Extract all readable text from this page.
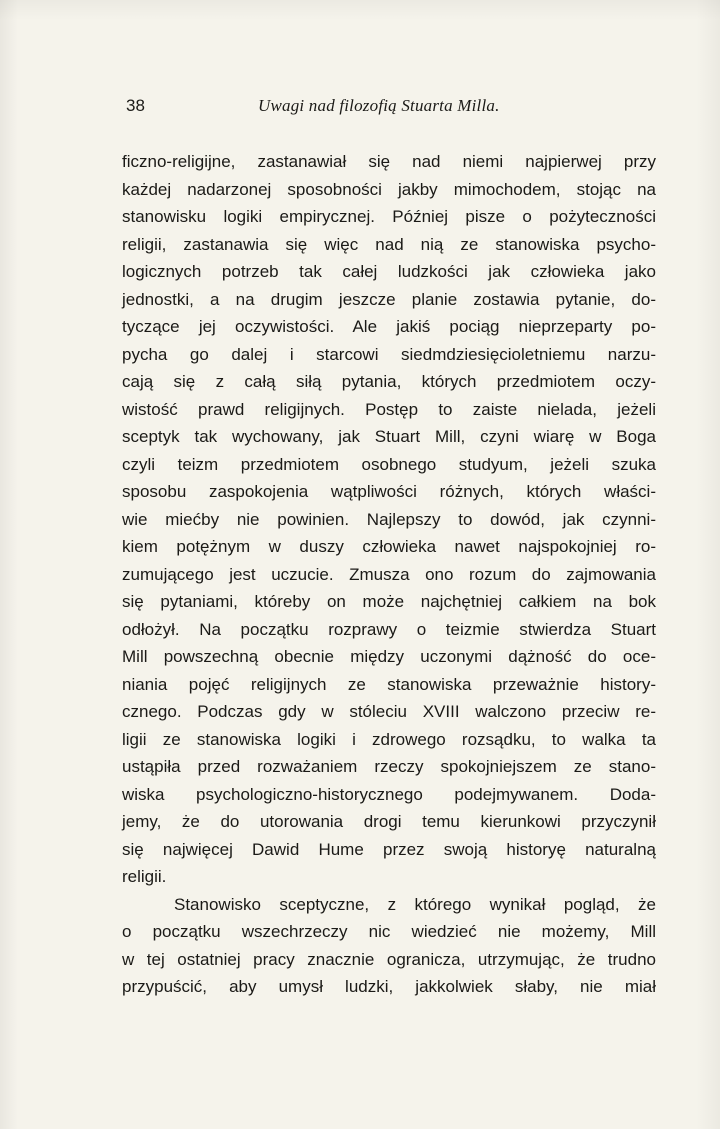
38	Uwagi nad filozofią Stuarta Milla.
ficzno-religijne, zastanawiał się nad niemi najpierwej przy
każdej nadarzonej sposobności jakby mimochodem, stojąc na
stanowisku logiki empirycznej. Później pisze o pożyteczności
religii, zastanawia się więc nad nią ze stanowiska psycho-
logicznych potrzeb tak całej ludzkości jak człowieka jako
jednostki, a na drugim jeszcze planie zostawia pytanie, do-
tyczące jej oczywistości. Ale jakiś pociąg nieprzeparty po-
pycha go dalej i starcowi siedmdziesięcioletniemu narzu-
cają się z całą siłą pytania, których przedmiotem oczy-
wistość prawd religijnych. Postęp to zaiste nielada, jeżeli
sceptyk tak wychowany, jak Stuart Mill, czyni wiarę w Boga
czyli teizm przedmiotem osobnego studyum, jeżeli szuka
sposobu zaspokojenia wątpliwości różnych, których właści-
wie miećby nie powinien. Najlepszy to dowód, jak czynni-
kiem potężnym w duszy człowieka nawet najspokojniej ro-
zumującego jest uczucie. Zmusza ono rozum do zajmowania
się pytaniami, któreby on może najchętniej całkiem na bok
odłożył. Na początku rozprawy o teizmie stwierdza Stuart
Mill powszechną obecnie między uczonymi dążność do oce-
niania pojęć religijnych ze stanowiska przeważnie history-
cznego. Podczas gdy w stóleciu XVIII walczono przeciw re-
ligii ze stanowiska logiki i zdrowego rozsądku, to walka ta
ustąpiła przed rozważaniem rzeczy spokojniejszem ze stano-
wiska psychologiczno-historycznego podejmywanem. Doda-
jemy, że do utorowania drogi temu kierunkowi przyczynił
się najwięcej Dawid Hume przez swoją historyę naturalną
religii.
Stanowisko sceptyczne, z którego wynikał pogląd, że
o początku wszechrzeczy nic wiedzieć nie możemy, Mill
w tej ostatniej pracy znacznie ogranicza, utrzymując, że trudno
przypuścić, aby umysł ludzki, jakkolwiek słaby, nie miał
